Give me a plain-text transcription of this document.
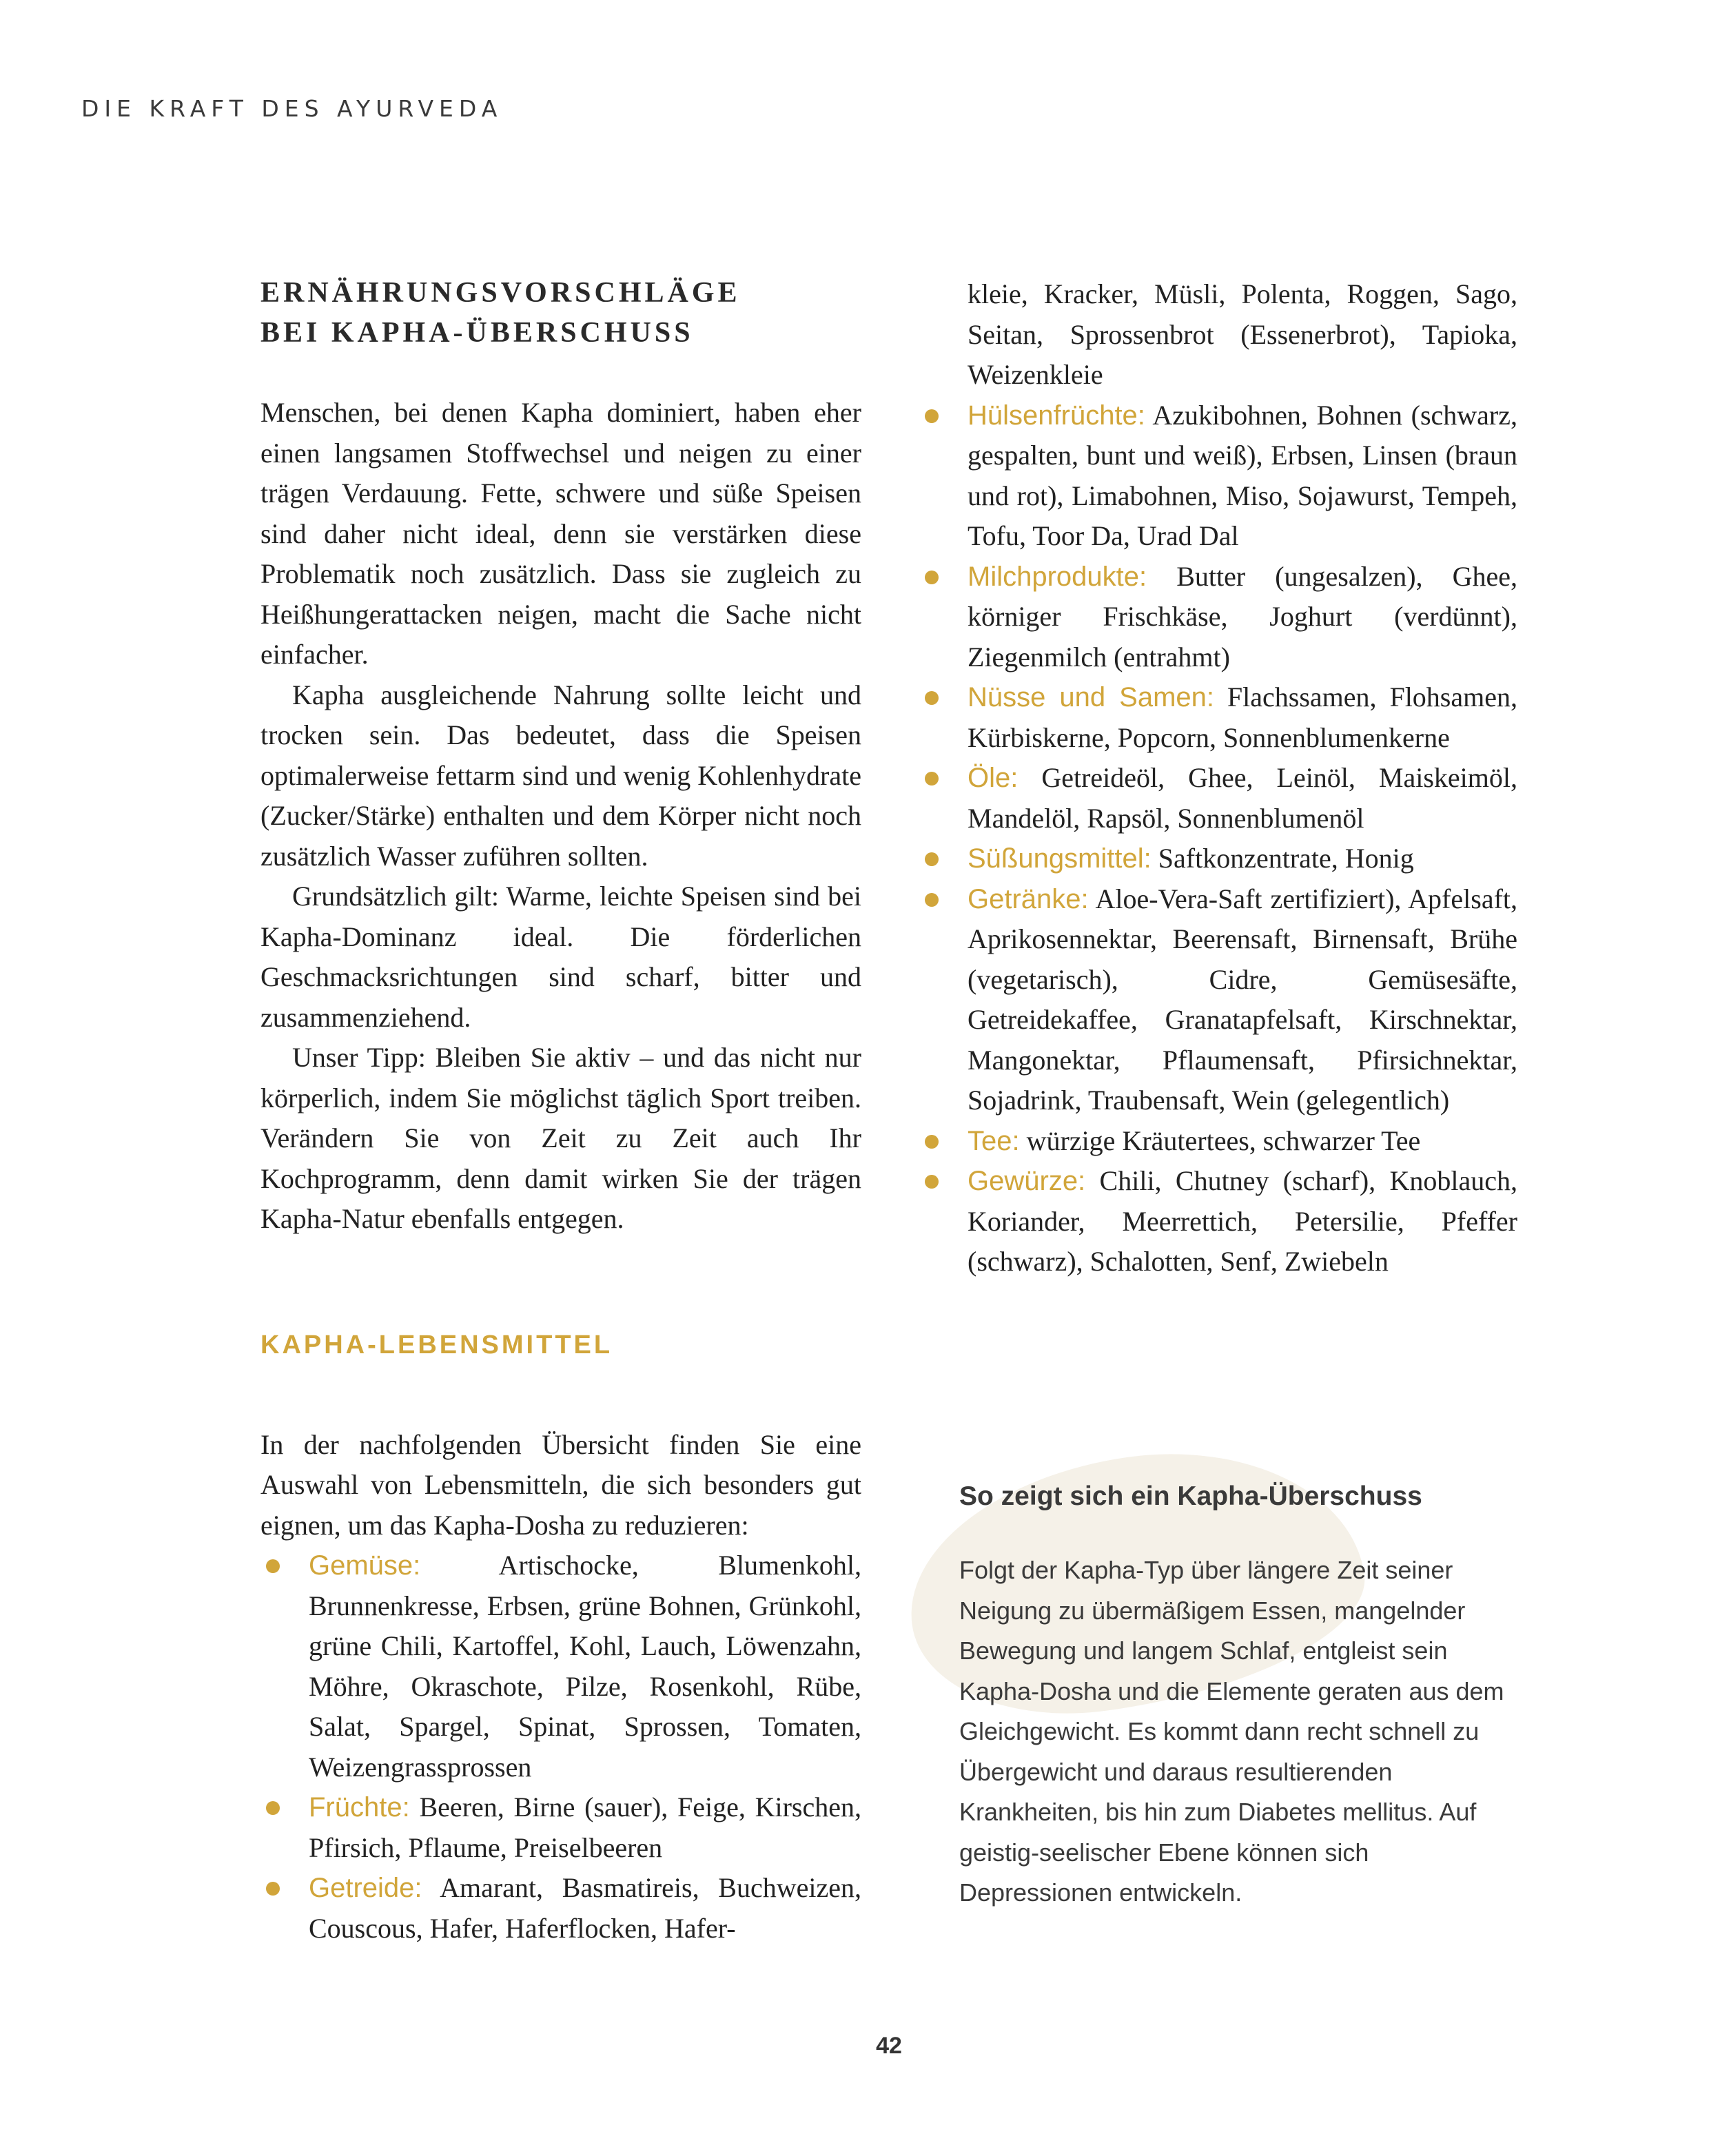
DIE KRAFT DES AYURVEDA
ERNÄHRUNGSVORSCHLÄGE
BEI KAPHA-ÜBERSCHUSS

Menschen, bei denen Kapha dominiert, haben eher einen langsamen Stoffwechsel und neigen zu einer trägen Verdauung. Fette, schwere und süße Speisen sind daher nicht ideal, denn sie verstärken diese Problematik noch zusätzlich. Dass sie zugleich zu Heißhungerattacken neigen, macht die Sache nicht einfacher.

Kapha ausgleichende Nahrung sollte leicht und trocken sein. Das bedeutet, dass die Speisen optimalerweise fettarm sind und wenig Kohlenhydrate (Zucker/Stärke) enthalten und dem Körper nicht noch zusätzlich Wasser zuführen sollten.

Grundsätzlich gilt: Warme, leichte Speisen sind bei Kapha-Dominanz ideal. Die förderlichen Geschmacksrichtungen sind scharf, bitter und zusammenziehend.

Unser Tipp: Bleiben Sie aktiv – und das nicht nur körperlich, indem Sie möglichst täglich Sport treiben. Verändern Sie von Zeit zu Zeit auch Ihr Kochprogramm, denn damit wirken Sie der trägen Kapha-Natur ebenfalls entgegen.

KAPHA-LEBENSMITTEL

In der nachfolgenden Übersicht finden Sie eine Auswahl von Lebensmitteln, die sich besonders gut eignen, um das Kapha-Dosha zu reduzieren:

Gemüse:	Artischocke, Blumenkohl, Brunnenkresse, Erbsen, grüne Bohnen, Grünkohl, grüne Chili, Kartoffel, Kohl, Lauch, Löwenzahn, Möhre, Okraschote, Pilze, Rosenkohl, Rübe, Salat, Spargel, Spinat, Sprossen, Tomaten, Weizengrassprossen
Früchte: Beeren, Birne (sauer), Feige, Kirschen, Pfirsich, Pflaume, Preiselbeeren
Getreide: Amarant, Basmatireis, Buchweizen, Couscous, Hafer, Haferflocken, Hafer-

kleie, Kracker, Müsli, Polenta, Roggen, Sago, Seitan, Sprossenbrot (Essenerbrot), Tapioka, Weizenkleie

Hülsenfrüchte: Azukibohnen, Bohnen (schwarz, gespalten, bunt und weiß), Erbsen, Linsen (braun und rot), Limabohnen, Miso, Sojawurst, Tempeh, Tofu, Toor Da, Urad Dal
Milchprodukte: Butter (ungesalzen), Ghee, körniger Frischkäse, Joghurt (verdünnt), Ziegenmilch (entrahmt)
Nüsse und Samen: Flachssamen, Flohsamen, Kürbiskerne, Popcorn, Sonnenblumenkerne
Öle: Getreideöl, Ghee, Leinöl, Maiskeimöl, Mandelöl, Rapsöl, Sonnenblumenöl
Süßungsmittel: Saftkonzentrate, Honig
Getränke: Aloe-Vera-Saft zertifiziert), Apfelsaft, Aprikosennektar, Beerensaft, Birnensaft, Brühe (vegetarisch), Cidre, Gemüsesäfte, Getreidekaffee, Granatapfelsaft, Kirschnektar, Mangonektar, Pflaumensaft, Pfirsichnektar, Sojadrink, Traubensaft, Wein (gelegentlich)
Tee: würzige Kräutertees, schwarzer Tee
Gewürze: Chili, Chutney (scharf), Knoblauch, Koriander, Meerrettich, Petersilie, Pfeffer (schwarz), Schalotten, Senf, Zwiebeln
So zeigt sich ein Kapha-Überschuss

Folgt der Kapha-Typ über längere Zeit seiner Neigung zu übermäßigem Essen, mangelnder Bewegung und langem Schlaf, entgleist sein Kapha-Dosha und die Elemente geraten aus dem Gleichgewicht. Es kommt dann recht schnell zu Übergewicht und daraus resultierenden Krankheiten, bis hin zum Diabetes mellitus. Auf geistig-seelischer Ebene können sich Depressionen entwickeln.

42
